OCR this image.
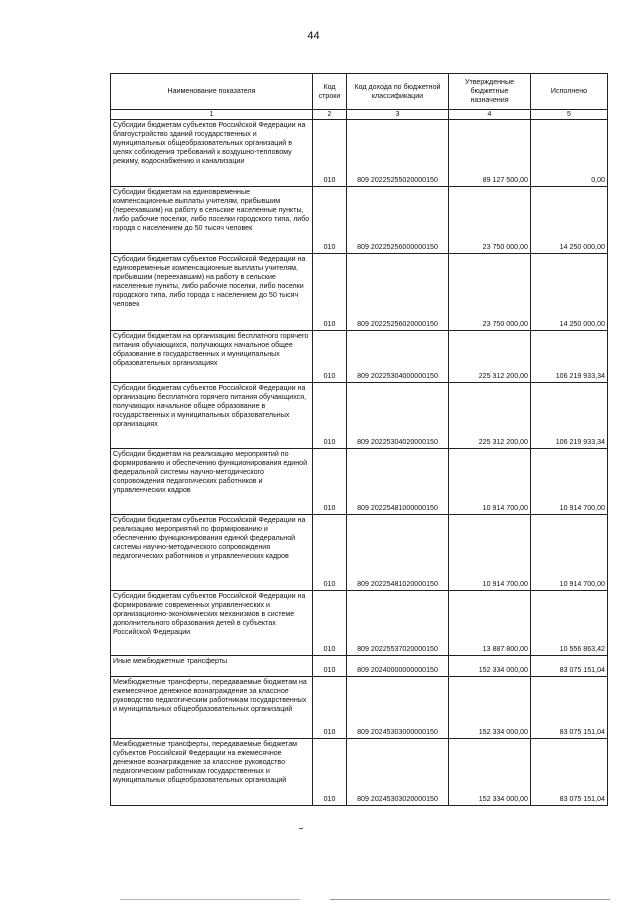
44
Наименование показателя	Код строки	Код дохода по бюджетной классификации	Утвержденные бюджетные назначения	Исполнено
1	2	3	4	5
Субсидии бюджетам субъектов Российской Федерации на благоустройство зданий государственных и муниципальных общеобразовательных организаций в целях соблюдения требований к воздушно-тепловому режиму, водоснабжению и канализации	010	809 20225255020000150	89 127 500,00	0,00
Субсидии бюджетам на единовременные компенсационные выплаты учителям, прибывшим (переехавшим) на работу в сельские населенные пункты, либо рабочие поселки, либо поселки городского типа, либо города с населением до 50 тысяч человек	010	809 20225256000000150	23 750 000,00	14 250 000,00
Субсидии бюджетам субъектов Российской Федерации на единовременные компенсационные выплаты учителям, прибывшим (переехавшим) на работу в сельские населенные пункты, либо рабочие поселки, либо поселки городского типа, либо города с населением до 50 тысяч человек	010	809 20225256020000150	23 750 000,00	14 250 000,00
Субсидии бюджетам на организацию бесплатного горячего питания обучающихся, получающих начальное общее образование в государственных и муниципальных образовательных организациях	010	809 20225304000000150	225 312 200,00	106 219 933,34
Субсидии бюджетам субъектов Российской Федерации на организацию бесплатного горячего питания обучающихся, получающих начальное общее образование в государственных и муниципальных образовательных организациях	010	809 20225304020000150	225 312 200,00	106 219 933,34
Субсидии бюджетам на реализацию мероприятий по формированию и обеспечению функционирования единой федеральной системы научно-методического сопровождения педагогических работников и управленческих кадров	010	809 20225481000000150	10 914 700,00	10 914 700,00
Субсидии бюджетам субъектов Российской Федерации на реализацию мероприятий по формированию и обеспечению функционирования единой федеральной системы научно-методического сопровождения педагогических работников и управленческих кадров	010	809 20225481020000150	10 914 700,00	10 914 700,00
Субсидии бюджетам субъектов Российской Федерации на формирование современных управленческих и организационно-экономических механизмов в системе дополнительного образования детей в субъектах Российской Федерации	010	809 20225537020000150	13 887 800,00	10 556 863,42
Иные межбюджетные трансферты	010	809 20240000000000150	152 334 000,00	83 075 151,04
Межбюджетные трансферты, передаваемые бюджетам на ежемесячное денежное вознаграждение за классное руководство педагогическим работникам государственных и муниципальных общеобразовательных организаций	010	809 20245303000000150	152 334 000,00	83 075 151,04
Межбюджетные трансферты, передаваемые бюджетам субъектов Российской Федерации на ежемесячное денежное вознаграждение за классное руководство педагогическим работникам государственных и муниципальных общеобразовательных организаций	010	809 20245303020000150	152 334 000,00	83 075 151,04
